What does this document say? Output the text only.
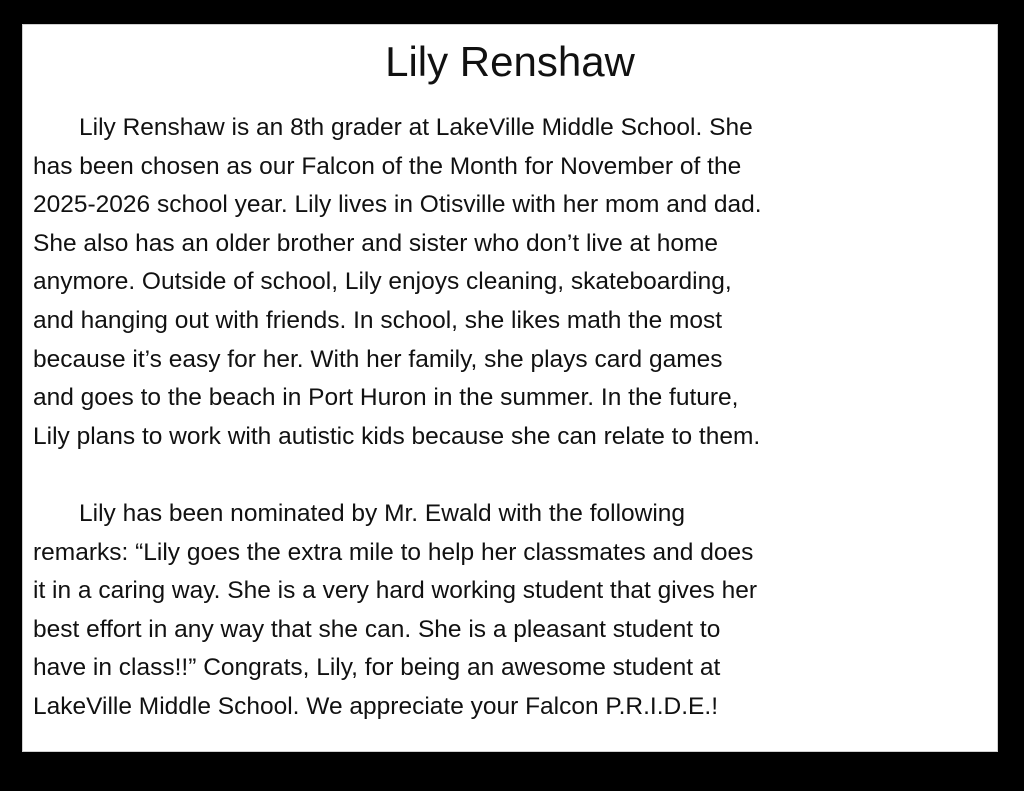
Lily Renshaw
Lily Renshaw is an 8th grader at LakeVille Middle School. She
has been chosen as our Falcon of the Month for November of the
2025-2026 school year. Lily lives in Otisville with her mom and dad.
She also has an older brother and sister who don’t live at home
anymore. Outside of school, Lily enjoys cleaning, skateboarding,
and hanging out with friends. In school, she likes math the most
because it’s easy for her. With her family, she plays card games
and goes to the beach in Port Huron in the summer. In the future,
Lily plans to work with autistic kids because she can relate to them.
Lily has been nominated by Mr. Ewald with the following
remarks: “Lily goes the extra mile to help her classmates and does
it in a caring way. She is a very hard working student that gives her
best effort in any way that she can. She is a pleasant student to
have in class!!” Congrats, Lily, for being an awesome student at
LakeVille Middle School. We appreciate your Falcon P.R.I.D.E.!
